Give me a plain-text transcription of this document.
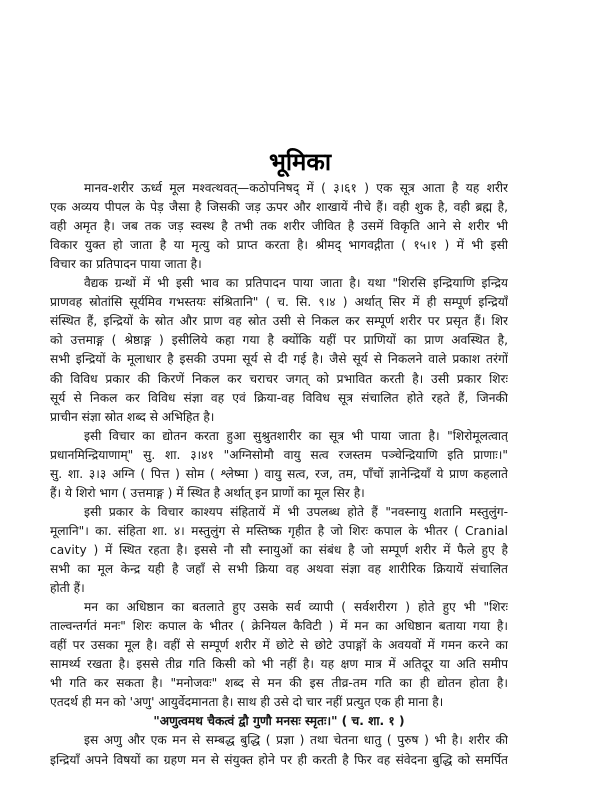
भूमिका
मानव-शरीर ऊर्ध्व मूल मश्वत्थवत्—कठोपनिषद् में ( ३।६१ ) एक सूत्र आता है यह शरीर
एक अव्यय पीपल के पेड़ जैसा है जिसकी जड़ ऊपर और शाखायें नीचे हैं। वही शुक है, वही ब्रह्म है,
वही अमृत है। जब तक जड़ स्वस्थ है तभी तक शरीर जीवित है उसमें विकृति आने से शरीर भी
विकार युक्त हो जाता है या मृत्यु को प्राप्त करता है। श्रीमद् भागवद्गीता ( १५।१ ) में भी इसी
विचार का प्रतिपादन पाया जाता है।
वैद्यक ग्रन्थों में भी इसी भाव का प्रतिपादन पाया जाता है। यथा "शिरसि इन्द्रियाणि इन्द्रिय
प्राणवह स्रोतांसि सूर्यमिव गभस्तयः संश्रितानि" ( च. सि. ९।४ ) अर्थात् सिर में ही सम्पूर्ण इन्द्रियाँ
संस्थित हैं, इन्द्रियों के स्रोत और प्राण वह स्रोत उसी से निकल कर सम्पूर्ण शरीर पर प्रसृत हैं। शिर
को उत्तमाङ्ग ( श्रेष्ठाङ्ग ) इसीलिये कहा गया है क्योंकि यहीं पर प्राणियों का प्राण अवस्थित है,
सभी इन्द्रियों के मूलाधार है इसकी उपमा सूर्य से दी गई है। जैसे सूर्य से निकलने वाले प्रकाश तरंगों
की विविध प्रकार की किरणें निकल कर चराचर जगत् को प्रभावित करती है। उसी प्रकार शिरः
सूर्य से निकल कर विविध संज्ञा वह एवं क्रिया-वह विविध सूत्र संचालित होते रहते हैं, जिनकी
प्राचीन संज्ञा स्रोत शब्द से अभिहित है।
इसी विचार का द्योतन करता हुआ सुश्रुतशारीर का सूत्र भी पाया जाता है। "शिरोमूलत्वात्
प्रधानमिन्द्रियाणाम्" सु. शा. ३।४१ "अग्निसोमौ वायु सत्व रजस्तम पञ्चेन्द्रियाणि इति प्राणाः।"
सु. शा. ३।३ अग्नि ( पित्त ) सोम ( श्लेष्मा ) वायु सत्व, रज, तम, पाँचों ज्ञानेन्द्रियाँ ये प्राण कहलाते
हैं। ये शिरो भाग ( उत्तमाङ्ग ) में स्थित है अर्थात् इन प्राणों का मूल सिर है।
इसी प्रकार के विचार काश्यप संहितायें में भी उपलब्ध होते हैं "नवस्नायु शतानि मस्तुलुंग-
मूलानि"। का. संहिता शा. ४। मस्तुलुंग से मस्तिष्क गृहीत है जो शिरः कपाल के भीतर ( Cranial
cavity ) में स्थित रहता है। इससे नौ सौ स्नायुओं का संबंध है जो सम्पूर्ण शरीर में फैले हुए है
सभी का मूल केन्द्र यही है जहाँ से सभी क्रिया वह अथवा संज्ञा वह शारीरिक क्रियायें संचालित
होती हैं।
मन का अधिष्ठान का बतलाते हुए उसके सर्व व्यापी ( सर्वशरीरग ) होते हुए भी "शिरः
ताल्वन्तर्गतं मनः" शिरः कपाल के भीतर ( क्रेनियल कैविटी ) में मन का अधिष्ठान बताया गया है।
वहीं पर उसका मूल है। वहीं से सम्पूर्ण शरीर में छोटे से छोटे उपाङ्गों के अवयवों में गमन करने का
सामर्थ्य रखता है। इससे तीव्र गति किसी को भी नहीं है। यह क्षण मात्र में अतिदूर या अति समीप
भी गति कर सकता है। "मनोजवः" शब्द से मन की इस तीव्र-तम गति का ही द्योतन होता है।
एतदर्थ ही मन को 'अणु' आयुर्वेदमानता है। साथ ही उसे दो चार नहीं प्रत्युत एक ही माना है।
"अणुत्वमथ चैकत्वं द्वौ गुणौ मनसः स्मृतः।" ( च. शा. १ )
इस अणु और एक मन से सम्बद्ध बुद्धि ( प्रज्ञा ) तथा चेतना धातु ( पुरुष ) भी है। शरीर की
इन्द्रियाँ अपने विषयों का ग्रहण मन से संयुक्त होने पर ही करती है फिर वह संवेदना बुद्धि को समर्पित
